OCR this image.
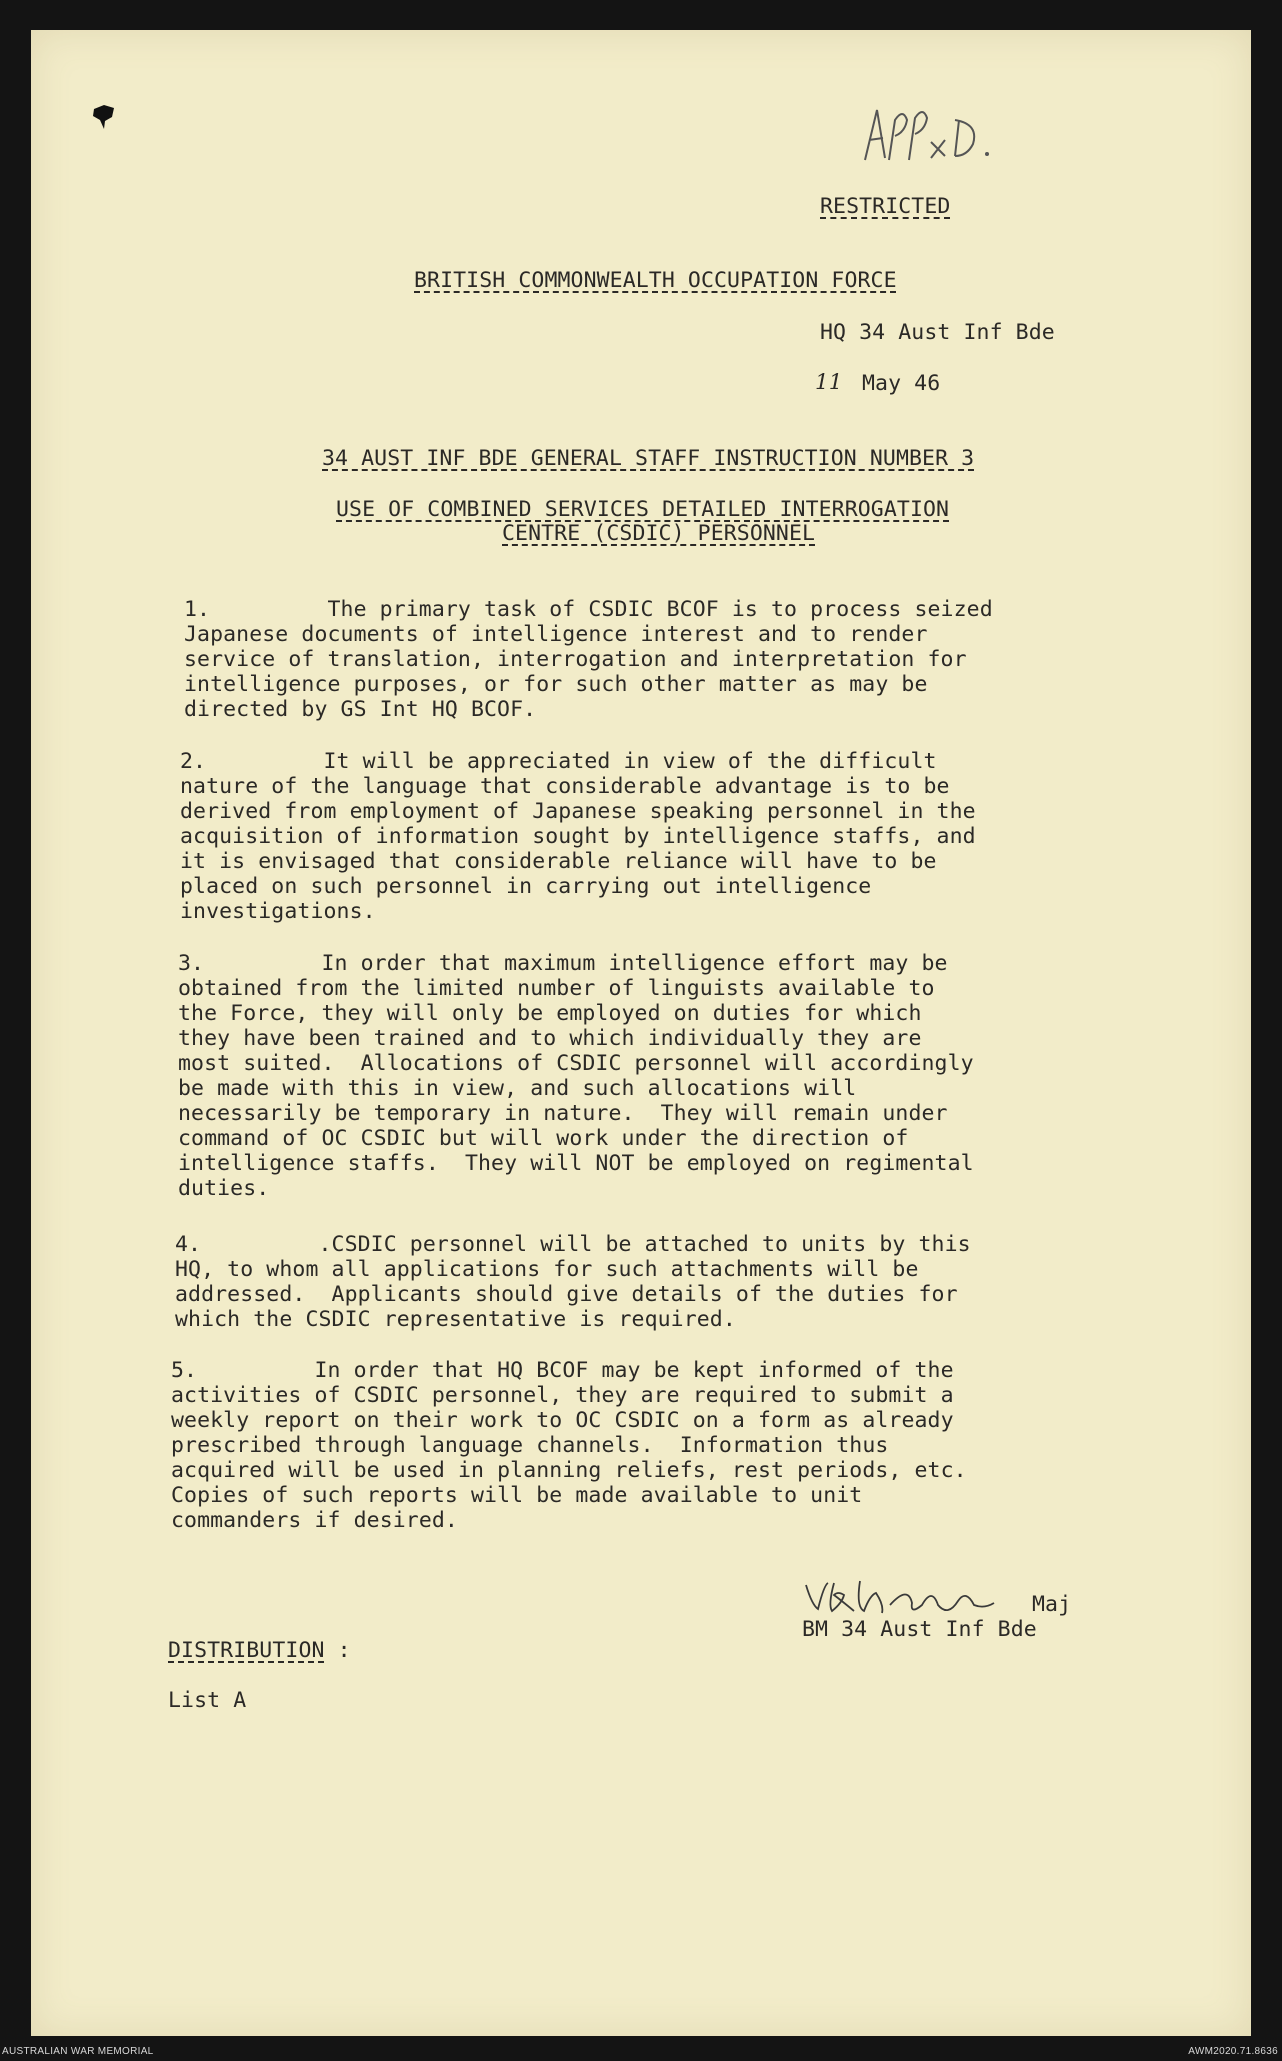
RESTRICTED

BRITISH COMMONWEALTH OCCUPATION FORCE

HQ 34 Aust Inf Bde

11 May 46

34 AUST INF BDE GENERAL STAFF INSTRUCTION NUMBER 3

USE OF COMBINED SERVICES DETAILED INTERROGATION

CENTRE (CSDIC) PERSONNEL

1.         The primary task of CSDIC BCOF is to process seized
Japanese documents of intelligence interest and to render
service of translation, interrogation and interpretation for
intelligence purposes, or for such other matter as may be
directed by GS Int HQ BCOF.

2.         It will be appreciated in view of the difficult
nature of the language that considerable advantage is to be
derived from employment of Japanese speaking personnel in the
acquisition of information sought by intelligence staffs, and
it is envisaged that considerable reliance will have to be
placed on such personnel in carrying out intelligence
investigations.

3.         In order that maximum intelligence effort may be
obtained from the limited number of linguists available to
the Force, they will only be employed on duties for which
they have been trained and to which individually they are
most suited.  Allocations of CSDIC personnel will accordingly
be made with this in view, and such allocations will
necessarily be temporary in nature.  They will remain under
command of OC CSDIC but will work under the direction of
intelligence staffs.  They will NOT be employed on regimental
duties.

4.         .CSDIC personnel will be attached to units by this
HQ, to whom all applications for such attachments will be
addressed.  Applicants should give details of the duties for
which the CSDIC representative is required.

5.         In order that HQ BCOF may be kept informed of the
activities of CSDIC personnel, they are required to submit a
weekly report on their work to OC CSDIC on a form as already
prescribed through language channels.  Information thus
acquired will be used in planning reliefs, rest periods, etc.
Copies of such reports will be made available to unit
commanders if desired.

Maj

BM 34 Aust Inf Bde

DISTRIBUTION :

List A

AUSTRALIAN WAR MEMORIAL	AWM2020.71.8636
